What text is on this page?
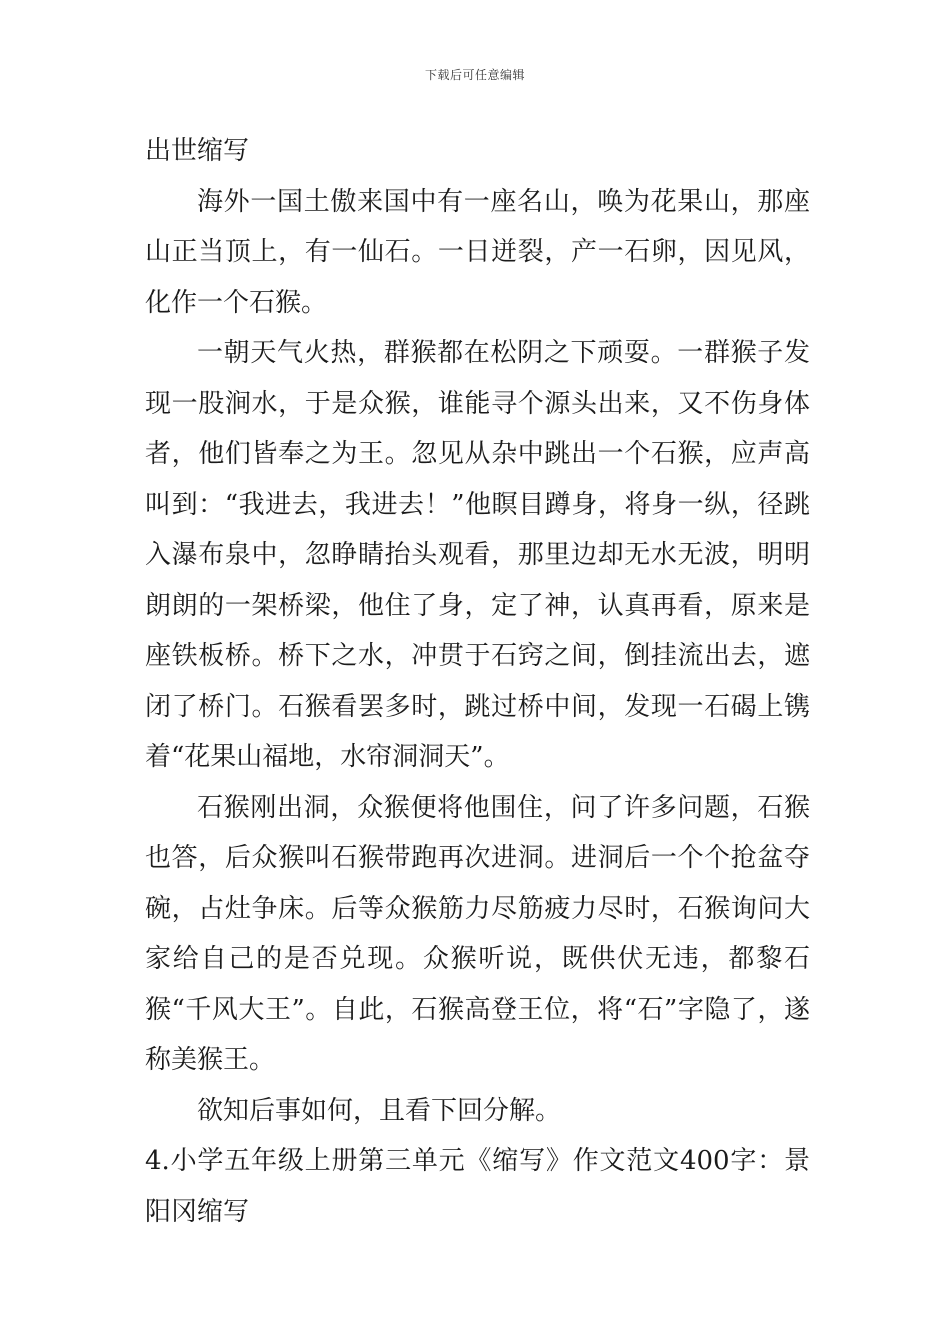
下载后可任意编辑

出世缩写

海外一国土傲来国中有一座名山，唤为花果山，那座山正当顶上，有一仙石。一日迸裂，产一石卵，因见风，化作一个石猴。

一朝天气火热，群猴都在松阴之下顽耍。一群猴子发现一股涧水，于是众猴，谁能寻个源头出来，又不伤身体者，他们皆奉之为王。忽见从杂中跳出一个石猴，应声高叫到：“我进去，我进去！”他瞑目蹲身，将身一纵，径跳入瀑布泉中，忽睁睛抬头观看，那里边却无水无波，明明朗朗的一架桥梁，他住了身，定了神，认真再看，原来是座铁板桥。桥下之水，冲贯于石窍之间，倒挂流出去，遮闭了桥门。石猴看罢多时，跳过桥中间，发现一石碣上镌着“花果山福地，水帘洞洞天”。

石猴刚出洞，众猴便将他围住，问了许多问题，石猴也答，后众猴叫石猴带跑再次进洞。进洞后一个个抢盆夺碗，占灶争床。后等众猴筋力尽筋疲力尽时，石猴询问大家给自己的是否兑现。众猴听说，既供伏无违，都黎石猴“千风大王”。自此，石猴高登王位，将“石”字隐了，遂称美猴王。

欲知后事如何，且看下回分解。

4.小学五年级上册第三单元《缩写》作文范文400字：景阳冈缩写
